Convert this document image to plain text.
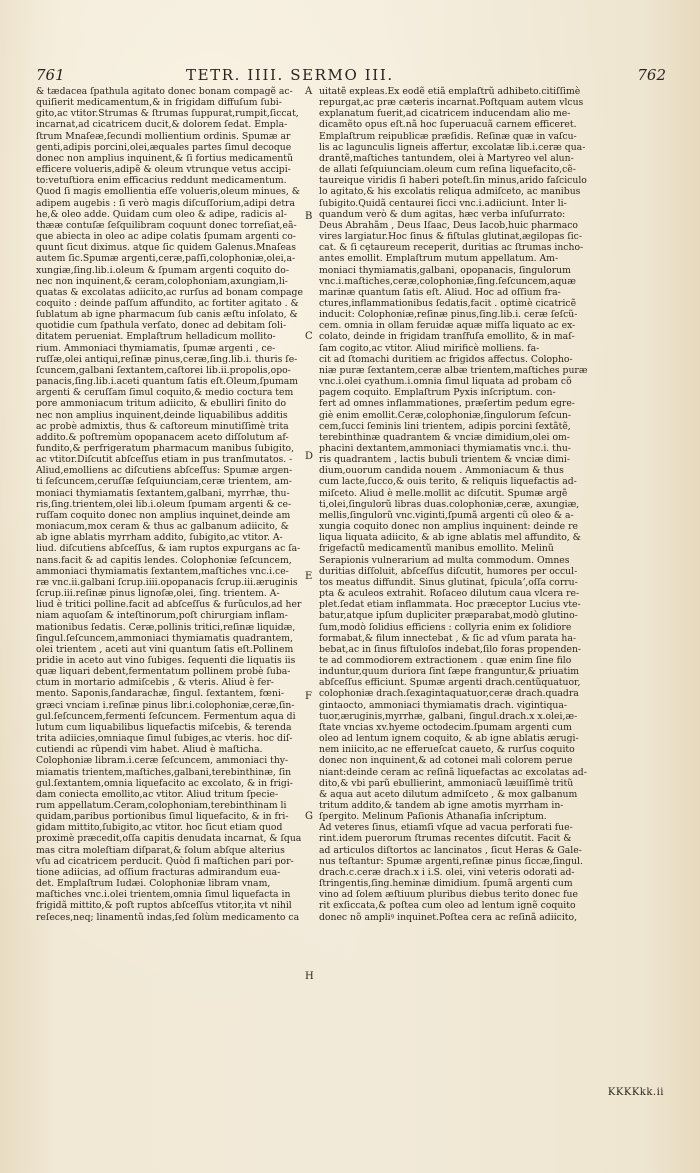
761	TETR. IIII. SERMO III.	762

& tædacea ſpathula agitato donec bonam compagẽ ac-

quiſierit medicamentum,& in frigidam diffuſum ſubi-

gito,ac vtitor.Strumas & ſtrumas ſuppurat,rumpit,ſiccat,

incarnat,ad cicatricem ducit,& dolorem ſedat. Empla-

ſtrum Mnaſeæ,ſecundi mollientium ordinis. Spumæ ar

genti,adipis porcini,olei,æquales partes ſimul decoque

donec non amplius inquinent,& ſi fortius medicamentũ

efficere volueris,adipẽ & oleum vtrunque vetus accipi-

to:vetuſtiora enim efficacius reddunt medicamentum.

Quod ſi magis emollientia eſſe volueris,oleum minues, &

adipem augebis : ſi verò magis diſcuſſorium,adipi detra

he,& oleo adde. Quidam cum oleo & adipe, radicis al-

thææ contuſæ ſeſquilibram coquunt donec torreſiat,eã-

que abiecta in oleo ac adipe colatis ſpumam argenti co-

quunt ſicut diximus. atque ſic quidem Galenus.Mnaſeas

autem ſic.Spumæ argenti,ceræ,paſſi,colophoniæ,olei,a-

xungiæ,ſing.lib.i.oleum & ſpumam argenti coquito do-

nec non inquinent,& ceram,colophoniam,axungiam,li-

quatas & excolatas adiicito,ac rurſus ad bonam compage

coquito : deinde paſſum affundito, ac fortiter agitato . &

ſublatum ab igne pharmacum ſub canis æſtu inſolato, &

quotidie cum ſpathula verſato, donec ad debitam ſoli-

ditatem perueniat. Emplaſtrum helladicum mollito-

rium. Ammoniaci thymiamatis, ſpumæ argenti , ce-

ruſſæ,olei antiqui,reſinæ pinus,ceræ,ſing.lib.i. thuris ſe-

ſcuncem,galbani ſextantem,caſtorei lib.ii.propolis,opo-

panacis,ſing.lib.i.aceti quantum ſatis eſt.Oleum,ſpumam

argenti & ceruſſam ſimul coquito,& medio coctura tem

pore ammoniacum tritum adiicito, & ebulliri ſinito do

nec non amplius inquinent,deinde liquabilibus additis

ac probè admixtis, thus & caſtoreum minutiſſimè trita

addito.& poſtremùm opopanacem aceto diſſolutum af-

fundito,& perfrigeratum pharmacum manibus ſubigito,

ac vtitor.Diſcutit abſceſſus etiam in pus tranſmutatos. -

Aliud,emolliens ac diſcutiens abſceſſus: Spumæ argen-

ti ſeſcuncem,ceruſſæ ſeſquiunciam,ceræ trientem, am-

moniaci thymiamatis ſextantem,galbani, myrrhæ, thu-

ris,ſing.trientem,olei lib.i.oleum ſpumam argenti & ce-

ruſſam coquito donec non amplius inquinet,deinde am

moniacum,mox ceram & thus ac galbanum adiicito, &

ab igne ablatis myrrham addito, ſubigito,ac vtitor. A-

liud. diſcutiens abſceſſus, & iam ruptos expurgans ac ſa-

nans.facit & ad capitis lendes. Colophoniæ ſeſcuncem,

ammoniaci thymiamatis ſextantem,maſtiches vnc.i.ce-

ræ vnc.ii.galbani ſcrup.iiii.opopanacis ſcrup.iii.æruginis

ſcrup.iii.reſinæ pinus lignoſæ,olei, ſing. trientem. A-

liud è tritici polline.facit ad abſceſſus & furũculos,ad her

niam aquoſam & inteſtinorum,poſt chirurgiam inflam-

mationibus ſedatis. Ceræ,pollinis tritici,reſinæ liquidæ,

ſingul.ſeſcuncem,ammoniaci thymiamatis quadrantem,

olei trientem , aceti aut vini quantum ſatis eſt.Pollinem

pridie in aceto aut vino ſubiges. ſequenti die liquatis iis

quæ liquari debent,fermentatum pollinem probè ſuba-

ctum in mortario admiſcebis , & vteris. Aliud è fer-

mento. Saponis,ſandarachæ, ſingul. ſextantem, fœni-

græci vnciam i.reſinæ pinus libr.i.colophoniæ,ceræ,ſin-

gul.ſeſcuncem,fermenti ſeſcuncem. Fermentum aqua di

lutum cum liquabilibus liquefactis miſcebis, & terenda

trita adiicies,omniaque ſimul ſubiges,ac vteris. hoc diſ-

cutiendi ac rũpendi vim habet. Aliud è maſticha.

Colophoniæ libram.i.ceræ ſeſcuncem, ammoniaci thy-

miamatis trientem,maſtiches,galbani,terebinthinæ, ſin

gul.ſextantem,omnia liquefacito ac excolato, & in frigi-

dam coniecta emollito,ac vtitor. Aliud tritum ſpecie-

rum appellatum.Ceram,colophoniam,terebinthinam li

quidam,paribus portionibus ſimul liquefacito, & in fri-

gidam mittito,ſubigito,ac vtitor. hoc ſicut etiam quod

proximè præcedit,oſſa capitis denudata incarnat, & ſqua

mas citra moleſtiam diſparat,& ſolum abſque alterius

vſu ad cicatricem perducit. Quòd ſi maſtichen pari por-

tione adiicias, ad oſſium fracturas admirandum eua-

det. Emplaſtrum Iudæi. Colophoniæ libram vnam,

maſtiches vnc.i.olei trientem,omnia ſimul liquefacta in

frigidã mittito,& poſt ruptos abſceſſus vtitor,ita vt nihil

reſeces,neq; linamentũ indas,ſed ſolùm medicamento ca

A
B
C
D
E
F
G
H

uitatẽ expleas.Ex eodẽ etiã emplaſtrũ adhibeto.citiſſimè

repurgat,ac præ cæteris incarnat.Poſtquam autem vlcus

explanatum fuerit,ad cicatricem inducendam alio me-

dicamẽto opus eſt.nã hoc ſuperuacuã carnem efficeret.

Emplaſtrum reipublicæ præſidis. Reſinæ quæ in vaſcu-

lis ac lagunculis ligneis affertur, excolatæ lib.i.ceræ qua-

drantẽ,maſtiches tantundem, olei à Martyreo vel alun-

de allati ſeſquiunciam.oleum cum reſina liquefacito,cẽ-

taureique viridis ſi haberi poteſt.ſin minus,arido faſciculo

lo agitato,& his excolatis reliqua admiſceto, ac manibus

ſubigito.Quidã centaurei ſicci vnc.i.adiiciunt. Inter li-

quandum verò & dum agitas, hæc verba inſuſurrato:

Deus Abrahãm , Deus Iſaac, Deus Iacob,huic pharmaco

vires largiatur.Hoc ſinus & fiſtulas glutinat,ægilopas ſic-

cat. & ſi cętaureum receperit, duritias ac ſtrumas incho-

antes emollit. Emplaſtrum mutum appellatum. Am-

moniaci thymiamatis,galbani, opopanacis, ſingulorum

vnc.i.maſtiches,ceræ,colophoniæ,ſing.ſeſcuncem,aquæ

marinæ quantum ſatis eſt. Aliud. Hoc ad oſſium fra-

ctures,inflammationibus ſedatis,facit . optimè cicatricẽ

inducit: Colophoniæ,reſinæ pinus,ſing.lib.i. ceræ ſeſcũ-

cem. omnia in ollam feruidæ aquæ miſſa liquato ac ex-

colato, deinde in frigidam tranſfuſa emollito, & in maſ-

ſam cogito,ac vtitor. Aliud mirificè molliens. fa-

cit ad ſtomachi duritiem ac frigidos affectus. Colopho-

niæ puræ ſextantem,ceræ albæ trientem,maſtiches puræ

vnc.i.olei cyathum.i.omnia ſimul liquata ad probam cõ

pagem coquito. Emplaſtrum Pyxis inſcriptum. con-

fert ad omnes inflammationes, præſertim pedum egre-

giè enim emollit.Ceræ,colophoniæ,ſingulorum ſeſcun-

cem,ſucci ſeminis lini trientem, adipis porcini ſextãtẽ,

terebinthinæ quadrantem & vnciæ dimidium,olei om-

phacini dextantem,ammoniaci thymiamatis vnc.i. thu-

ris quadrantem , lactis bubuli trientem & vnciæ dimi-

dium,ouorum candida nouem . Ammoniacum & thus

cum lacte,ſucco,& ouis terito, & reliquis liquefactis ad-

miſceto. Aliud è melle.mollit ac diſcutit. Spumæ argẽ

ti,olei,ſingulorũ libras duas.colophoniæ,ceræ, axungiæ,

mellis,ſingulorũ vnc.viginti,ſpumã argenti cũ oleo & a-

xungia coquito donec non amplius inquinent: deinde re

liqua liquata adiicito, & ab igne ablatis mel affundito, &

frigefactũ medicamentũ manibus emollito. Melinũ

Serapionis vulnerarium ad multa commodum. Omnes

duritias diſſoluit, abſceſſus diſcutit, humores per occul-

tos meatus diffundit. Sinus glutinat, ſpiculaʼ,oſſa corru-

pta & aculeos extrahit. Roſaceo dilutum caua vlcera re-

plet.ſedat etiam inflammata. Hoc præceptor Lucius vte-

batur,atque ipſum dupliciter præparabat,modò glutino-

ſum,modò ſolidius efficiens : collyria enim ex ſolidiore

formabat,& filum innectebat , & ſic ad vſum parata ha-

bebat,ac in ſinus fiſtuloſos indebat,ſilo foras propenden-

te ad commodiorem extractionem . quæ enim ſine filo

induntur,quum duriora ſint ſæpe franguntur,& priuatim

abſceſſus efficiunt. Spumæ argenti drach.centũquatuor,

colophoniæ drach.ſexagintaquatuor,ceræ drach.quadra

gintaocto, ammoniaci thymiamatis drach. vigintiqua-

tuor,æruginis,myrrhæ, galbani, ſingul.drach.x x.olei,æ-

ſtate vncias xv.hyeme octodecim.ſpumam argenti cum

oleo ad lentum ignem coquito, & ab igne ablatis ærugi-

nem iniicito,ac ne efferueſcat caueto, & rurſus coquito

donec non inquinent,& ad cotonei mali colorem perue

niant:deinde ceram ac reſinã liquefactas ac excolatas ad-

dito,& vbi parũ ebullierint, ammoniacũ læuiſſimè tritũ

& aqua aut aceto dilutum admiſceto , & mox galbanum

tritum addito,& tandem ab igne amotis myrrham in-

ſpergito. Melinum Paſionis Athanaſia inſcriptum.

Ad veteres ſinus, etiamſi vſque ad vacua perforati fue-

rint.idem puerorum ſtrumas recentes diſcutit. Facit &

ad articulos diſtortos ac lancinatos , ſicut Heras & Gale-

nus teſtantur: Spumæ argenti,reſinæ pinus ſiccæ,ſingul.

drach.c.ceræ drach.x i i.S. olei, vini veteris odorati ad-

ſtringentis,ſing.heminæ dimidium. ſpumã argenti cum

vino ad ſolem æſtiuum pluribus diebus terito donec fue

rit exſiccata,& poſtea cum oleo ad lentum ignẽ coquito

donec nõ ampliꝰ inquinet.Poſtea cera ac reſinã adiicito,

KKKKkk.ii
